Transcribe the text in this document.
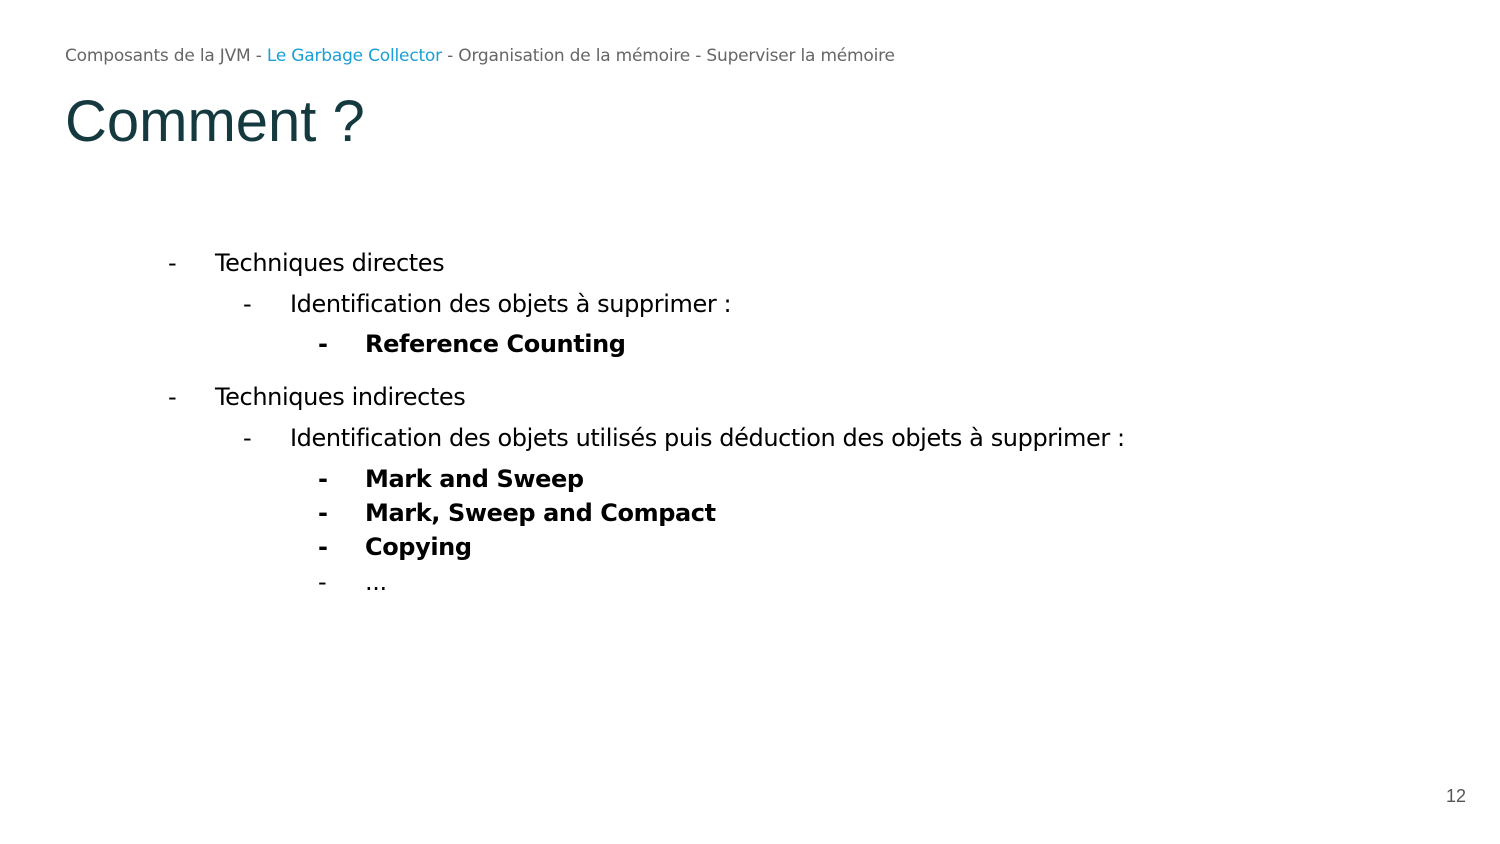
Composants de la JVM - Le Garbage Collector - Organisation de la mémoire - Superviser la mémoire
Comment ?
- Techniques directes
- Identification des objets à supprimer :
- Reference Counting
- Techniques indirectes
- Identification des objets utilisés puis déduction des objets à supprimer :
- Mark and Sweep
- Mark, Sweep and Compact
- Copying
- ...
12
